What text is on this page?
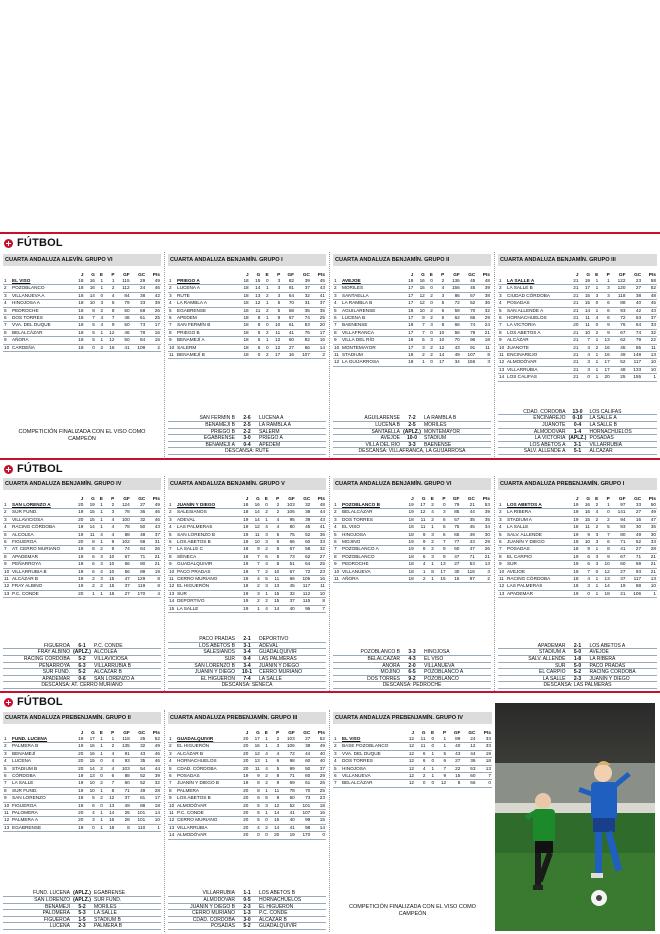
FÚTBOL
CUARTA ANDALUZA ALEVÍN. GRUPO VI
		J	G	E	P	GF	GC	Pts
1	EL VISO	18	16	1	1	115	29	49
2	POZOBLANCO	18	16	1	2	112	24	46
3	VILLANUEVA A	18	14	0	4	84	38	42
4	HINOJOSA A	18	10	3	5	79	33	39
5	PEDROCHE	18	8	2	8	50	68	26
6	DOS TORRES	18	7	4	7	46	61	25
7	VVA. DEL DUQUE	18	5	4	9	50	73	17
8	BELALCÁZAR	18	5	1	12	46	78	16
9	AÑORA	18	5	1	12	50	84	16
10	CARDEÑA	18	0	2	16	41	109	2
COMPETICIÓN FINALIZADA CON EL VISO COMO CAMPEÓN
CUARTA ANDALUZA BENJAMÍN. GRUPO I
		J	G	E	P	GF	GC	Pts
1	PRIEGO A	18	15	0	3	82	39	45
2	LUCENA A	18	14	1	3	81	37	43
3	RUTE	18	13	2	3	64	32	41
4	LA RAMBLA A	18	12	1	5	70	31	37
5	EGABRENSE	18	11	2	5	58	35	35
6	APEDEM	18	8	1	9	67	74	25
7	SAN FERMÍN B	18	8	0	10	61	53	20
8	PRIEGO B	18	5	2	11	41	76	17
9	BENAMEJÍ A	18	5	1	12	60	82	16
10	SALERM	18	6	0	12	27	66	14
11	BENAMEJÍ B	18	0	2	17	16	107	2
SAN FERMÍN B	2-6	LUCENA A
BENAMEJÍ B	2-5	LA RAMBLA A
PRIEGO B	2-2	SALERM
EGABRENSE	3-0	PRIEGO A
BENAMEJÍ A	0-4	APEDEM
DESCANSA: RUTE
CUARTA ANDALUZA BENJAMÍN. GRUPO II
		J	G	E	P	GF	GC	Pts
1	AVEJOE	18	16	0	2	136	45	48
2	MORILES	17	15	0	4	156	45	39
3	SANTAELLA	17	12	2	3	86	57	38
4	LA RAMBLA B	17	12	0	5	72	52	36
5	AGUILARENSE	18	10	2	6	59	70	32
6	LUCENA B	17	9	2	6	62	66	29
7	BAENENSE	18	7	3	8	66	74	24
8	VILLAFRANCA	17	7	0	10	56	78	21
9	VILLA DEL RÍO	18	5	3	10	70	96	18
10	MONTEMAYOR	17	3	2	12	43	91	11
11	STADIUM	18	2	2	14	49	107	8
12	LA GUIJARROSA	18	1	0	17	34	156	3
AGUILARENSE	7-2	LA RAMBLA B
LUCENA B	2-5	MORILES
SANTAELLA (APLZ.) MONTEMAYOR
AVEJOE	10-0	STADIUM
VILLA DEL RÍO	3-3	BAENENSE
DESCANSA: VILLAFRANCA, LA GUIJARROSA
CUARTA ANDALUZA BENJAMÍN. GRUPO III
		J	G	E	P	GF	GC	Pts
1	LA SALLE A	21	19	1	1	122	23	58
2	LA SALLE B	21	17	1	3	120	27	52
3	CIUDAD CÓRDOBA	21	15	3	3	118	38	48
4	POSADAS	21	15	0	6	88	40	45
5	SAN ALLENDE A	21	14	1	6	93	42	43
6	HORNACHUELOS	21	11	4	6	72	53	37
7	LA VICTORIA	20	11	0	9	76	64	33
8	LOS ABETOS A	21	10	2	9	67	74	32
9	ALCÁZAR	21	7	1	13	62	79	22
10	JUANOTE	21	3	2	16	45	85	11
11	ENCINAREJO	21	4	1	16	49	148	13
12	ALMODÓVAR	21	3	1	17	52	117	10
13	VILLARRUBIA	21	3	1	17	48	133	10
14	LOS CALIFAS	21	0	1	20	25	155	1
CDAD. CÓRDOBA	13-0	LOS CALIFAS
ENCINAREJO	0-10	LA SALLE A
JUANOTE	0-4	LA SALLE B
ALMODÓVAR	1-4	HORNACHUELOS
LA VICTORIA (APLZ.) POSADAS
LOS ABETOS A	3-1	VILLARRUBIA
SALV. ALLENDE A	5-1	ALCÁZAR
FÚTBOL
CUARTA ANDALUZA BENJAMÍN. GRUPO IV
		J	G	E	P	GF	GC	Pts
1	SAN LORENZO A	20	19	1	2	124	27	49
2	SUR FUND.	19	15	1	3	78	36	46
3	VILLAVICIOSA	20	15	1	4	100	32	46
4	RACING CÓRDOBA	19	14	1	4	78	50	43
5	ALCOLEA	19	11	4	4	88	48	37
6	FIGUEROA	20	8	1	9	102	58	31
7	AT. CERRO MURIANO	19	8	2	9	74	64	26
8	APADEMAR	19	6	3	10	67	71	21
9	PEÑARROYA	19	6	3	10	66	80	21
10	VILLARRUBIA B	19	6	4	10	56	89	19
11	ALCÁZAR B	19	2	3	15	47	129	8
12	FRAY ALBINO	19	2	2	15	37	119	8
13	P.C. CONDE	20	1	1	18	27	170	4
FIGUEROA	6-1	P.C. CONDE
FRAY ALBINO (APLZ.) ALCOLEA
RACING CÓRDOBA	5-2	VILLAVICIOSA
PEÑARROYA	6-3	VILLARRUBIA B
SUR FUND.	5-2	ALCÁZAR B
APADEMAR	0-6	SAN LORENZO A
DESCANSA: AT. CERRO MURIANO
CUARTA ANDALUZA BENJAMÍN. GRUPO V
		J	G	E	P	GF	GC	Pts
1	JUANÍN Y DIEGO	18	16	0	2	103	32	48
2	SALESIANOS	18	14	2	2	106	38	44
3	ADEVAL	19	14	1	4	95	39	43
4	LAS PALMERAS	19	12	4	4	80	45	41
5	SAN LORENZO B	19	11	3	5	75	52	36
6	LOS ABETOS B	19	10	3	6	66	60	33
7	LA SALLE C	18	9	2	6	67	58	32
8	SÉNECA	18	7	6	5	73	62	27
9	GUADALQUIVIR	19	7	4	8	51	64	25
10	PACO PRADAS	19	7	2	10	67	72	23
11	CERRO MURIANO	19	4	5	11	66	105	16
12	EL HIGUERÓN	18	2	3	13	45	117	11
13	SUR	19	3	1	15	32	112	10
14	DEPORTIVO	19	2	2	15	37	115	8
15	LA SALLE	19	1	4	14	40	96	7
PACO PRADAS	2-1	DEPORTIVO
LOS ABETOS B	3-1	ADEVAL
SALESIANOS	3-4	GUADALQUIVIR
SUR	0-4	LAS PALMERAS
SAN LORENZO B	3-4	JUANÍN Y DIEGO
JUANÍN Y DIEGO	10-1	CERRO MURIANO
EL HIGUERÓN	7-4	LA SALLE
DESCANSA: SÉNECA
CUARTA ANDALUZA BENJAMÍN. GRUPO VI
		J	G	E	P	GF	GC	Pts
1	POZOBLANCO B	19	17	2	0	79	21	53
2	BELALCÁZAR	19	12	4	3	85	44	39
3	DOS TORRES	18	11	2	6	57	35	35
4	EL VISO	18	11	1	6	75	45	34
5	HINOJOSA	18	9	3	6	65	49	30
6	MOJINO	19	9	2	7	77	43	29
7	POZOBLANCO A	19	8	2	9	60	47	26
8	POZOBLANCO	18	6	3	9	47	71	21
9	PEDROCHE	18	4	1	13	27	53	13
10	VILLANUEVA	18	1	8	17	30	116	3
11	AÑORA	18	2	1	15	15	97	2
POZOBLANCO B	3-3	HINOJOSA
BELALCÁZAR	4-3	EL VISO
AÑORA	2-0	VILLANUEVA
MOJINO	6-5	POZOBLANCO A
DOS TORRES	9-2	POZOBLANCO
DESCANSA: PEDROCHE
CUARTA ANDALUZA PREBENJAMÍN. GRUPO I
		J	G	E	P	GF	GC	Pts
1	LOS ABETOS A	19	16	2	1	97	33	50
2	LA RIBERA	19	15	4	0	141	27	49
3	STADIUM A	19	15	2	2	94	16	47
4	LA SALLE	18	11	2	5	93	30	35
5	SALV. ALLENDE	19	9	3	7	80	49	30
6	JUANÍN Y DIEGO	19	10	3	6	71	52	33
7	POSADAS	18	9	1	8	41	27	28
8	EL CARPIO	19	6	3	9	67	71	21
9	SUR	19	6	3	10	60	69	21
10	AVEJOE	19	7	0	12	27	93	21
11	RACING CÓRDOBA	18	4	1	13	37	117	13
12	LAS PALMERAS	18	3	1	14	19	88	10
13	APADEMAR	19	0	1	18	21	106	1
APADEMAR	2-1	LOS ABETOS A
STADIUM A	5-0	AVEJOE
SALV. ALLENDE	1-8	LA RIBERA
SUR	5-0	PACO PRADAS
EL CARPIO	5-2	RACING CÓRDOBA
LA SALLE	2-3	JUANÍN Y DIEGO
DESCANSA: LAS PALMERAS
FÚTBOL
CUARTA ANDALUZA PREBENJAMÍN. GRUPO II
		J	G	E	P	GF	GC	Pts
1	FUND. LUCENA	19	17	1	1	118	25	52
2	PALMERA B	19	16	1	2	135	32	49
3	BENAMEJÍ	20	16	1	4	91	43	46
4	LUCENA	20	15	0	4	93	35	46
5	STADIUM B	20	14	2	4	103	54	44
6	CÓRDOBA	19	13	0	6	88	52	39
7	LA SALLE	19	10	2	7	60	52	32
8	SUR FUND.	19	10	1	8	71	49	28
9	SAN LORENZO	19	5	2	12	37	81	17
10	FIGUEROA	19	6	0	13	49	88	18
11	PALOMERA	20	4	1	14	25	101	14
12	PALMERA A	20	3	1	16	28	101	10
13	EGABRENSE	19	0	1	18	8	110	1
FUND. LUCENA (APLZ.) EGABRENSE
SAN LORENZO (APLZ.) SUR FUND.
BENAMEJÍ	5-2	MORILES
PALOMERA	5-3	LA SALLE
FIGUEROA	1-5	STADIUM B
LUCENA	2-3	PALMERA B
CUARTA ANDALUZA PREBENJAMÍN. GRUPO III
		J	G	E	P	GF	GC	Pts
1	GUADALQUIVIR	20	17	1	2	103	27	52
2	EL HIGUERÓN	20	16	1	3	106	38	49
3	ALCÁZAR B	20	12	4	4	72	44	40
4	HORNACHUELOS	20	13	1	6	98	60	40
5	CDAD. CÓRDOBA	20	11	4	5	99	50	37
6	POSADAS	19	9	2	8	71	60	29
7	JUANÍN Y DIEGO B	19	8	2	9	69	61	26
8	PALMERA	20	8	1	11	78	70	25
9	LOS ABETOS B	20	6	5	9	60	73	23
10	ALMODÓVAR	20	5	3	12	52	101	18
11	P.C. CONDE	20	5	1	14	41	107	16
12	CERRO MURIANO	20	5	0	15	40	99	15
13	VILLARRUBIA	20	4	2	14	41	98	14
14	ALMODÓVAR	20	0	0	20	19	170	0
VILLARRUBIA	1-1	LOS ABETOS B
ALMODÓVAR	0-5	HORNACHUELOS
JUANÍN Y DIEGO B	2-3	EL HIGUERÓN
CERRO MURIANO	1-3	P.C. CONDE
CDAD. CÓRDOBA	3-0	ALCÁZAR B
POSADAS	5-2	GUADALQUIVIR
CUARTA ANDALUZA PREBENJAMÍN. GRUPO IV
		J	G	E	P	GF	GC	Pts
1	EL VISO	12	11	0	1	89	24	33
2	BASE POZOBLANCO	12	11	0	1	40	12	33
3	VVA. DEL DUQUE	12	6	1	5	43	44	19
4	DOS TORRES	12	6	0	6	27	36	18
5	HINOJOSA	12	4	1	7	22	53	13
6	VILLANUEVA	12	2	1	9	15	60	7
7	BELALCÁZAR	12	0	0	12	8	66	0
COMPETICIÓN FINALIZADA CON EL VISO COMO CAMPEÓN
